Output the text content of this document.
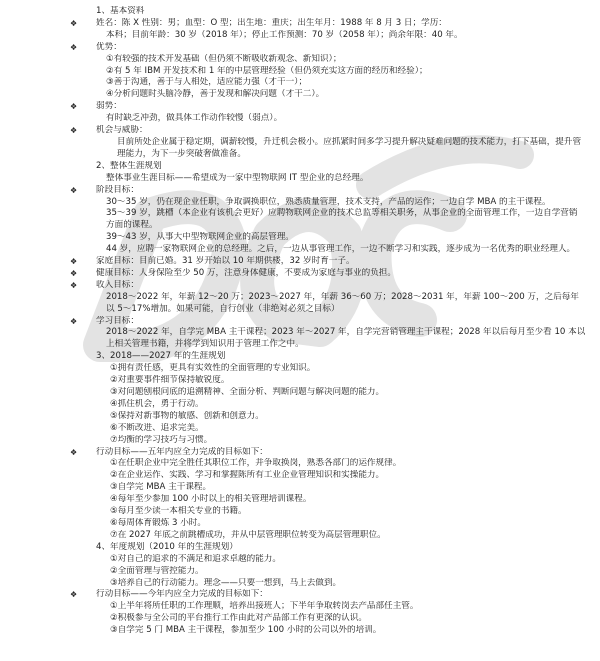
1、基本资料
❖ 姓名：陈 X 性别：男；血型：O 型；出生地：重庆；出生年月：1988 年 8 月 3 日；学历：
本科；目前年龄：30 岁（2018 年）；停止工作预测：70 岁（2058 年）；尚余年限：40 年。
❖ 优势：
①有较强的技术开发基础（但仍须不断吸收新观念、新知识）；
②有 5 年 IBM 开发技术和 1 年的中层管理经验（但仍须充实这方面的经历和经验）；
③善于沟通，善于与人相处，适应能力强（才干一）；
④分析问题时头脑冷静，善于发现和解决问题（才干二）。
❖ 弱势：
有时缺乏冲劲，做具体工作动作较慢（弱点）。
❖ 机会与威胁：
目前所处企业属于稳定期，调薪较慢，升迁机会极小。应抓紧时间多学习提升解决疑难问题的技术能力，打下基础，提升管理能力，为下一步突破奢做准备。
2、整体生涯规划
整体事业生涯目标——希望成为一家中型物联网 IT 型企业的总经理。
❖ 阶段目标：
30～35 岁，仍在现企业任职，争取调换职位，熟悉质量管理，技术支持，产品的运作；一边自学 MBA 的主干课程。
35～39 岁，跳槽（本企业有该机会更好）应聘物联网企业的技术总监等相关职务，从事企业的全面管理工作，一边自学营销方面的课程。
39～43 岁，从事大中型物联网企业的高层管理。
44 岁，应聘一家物联网企业的总经理。之后，一边从事管理工作，一边不断学习和实践，逐步成为一名优秀的职业经理人。
❖ 家庭目标：目前已婚。31 岁开始以 10 年期供楼，32 岁时育一子。
❖ 健康目标：人身保险至少 50 万，注意身体健康，不要成为家庭与事业的负担。
❖ 收入目标：
2018～2022 年，年薪 12～20 万；2023～2027 年，年薪 36～60 万；2028～2031 年，年薪 100～200 万，之后每年以 5～17%增加。如果可能，自行创业（非绝对必须之目标）
❖ 学习目标：
2018～2022 年，自学完 MBA 主干课程；2023 年～2027 年，自学完营销管理主干课程；2028 年以后每月至少看 10 本以上相关管理书籍，并将学到知识用于管理工作之中。
3、2018——2027 年的生涯规划
①拥有责任感，更具有实效性的全面管理的专业知识。
②对重要事件细节保持敏锐度。
③对问题刨根问底的追溯精神、全面分析、判断问题与解决问题的能力。
④抓住机会，勇于行动。
⑤保持对新事物的敏感、创新和创意力。
⑥不断改进、追求完美。
⑦均衡的学习技巧与习惯。
❖ 行动目标——五年内应全力完成的目标如下：
①在任职企业中完全胜任其职位工作，并争取换岗，熟悉各部门的运作规律。
②在企业运作、实践、学习和掌握陈所有工业企业管理知识和实操能力。
③自学完 MBA 主干课程。
④每年至少参加 100 小时以上的相关管理培训课程。
⑤每月至少读一本相关专业的书籍。
⑥每周体育锻炼 3 小时。
⑦在 2027 年底之前跳槽成功，并从中层管理职位转变为高层管理职位。
4、年度规划（2010 年的生涯规划）
①对自己的追求的不满足和追求卓越的能力。
②全面管理与管控能力。
③培养自己的行动能力。理念——只要一想到，马上去做到。
❖ 行动目标——今年内应全力完成的目标如下：
①上半年将所任职的工作理顺，培养出接班人；下半年争取转岗去产品部任主管。
②积极参与全公司的平台推行工作由此对产品部工作有更深的认识。
③自学完 5 门 MBA 主干课程，参加至少 100 小时的公司以外的培训。
